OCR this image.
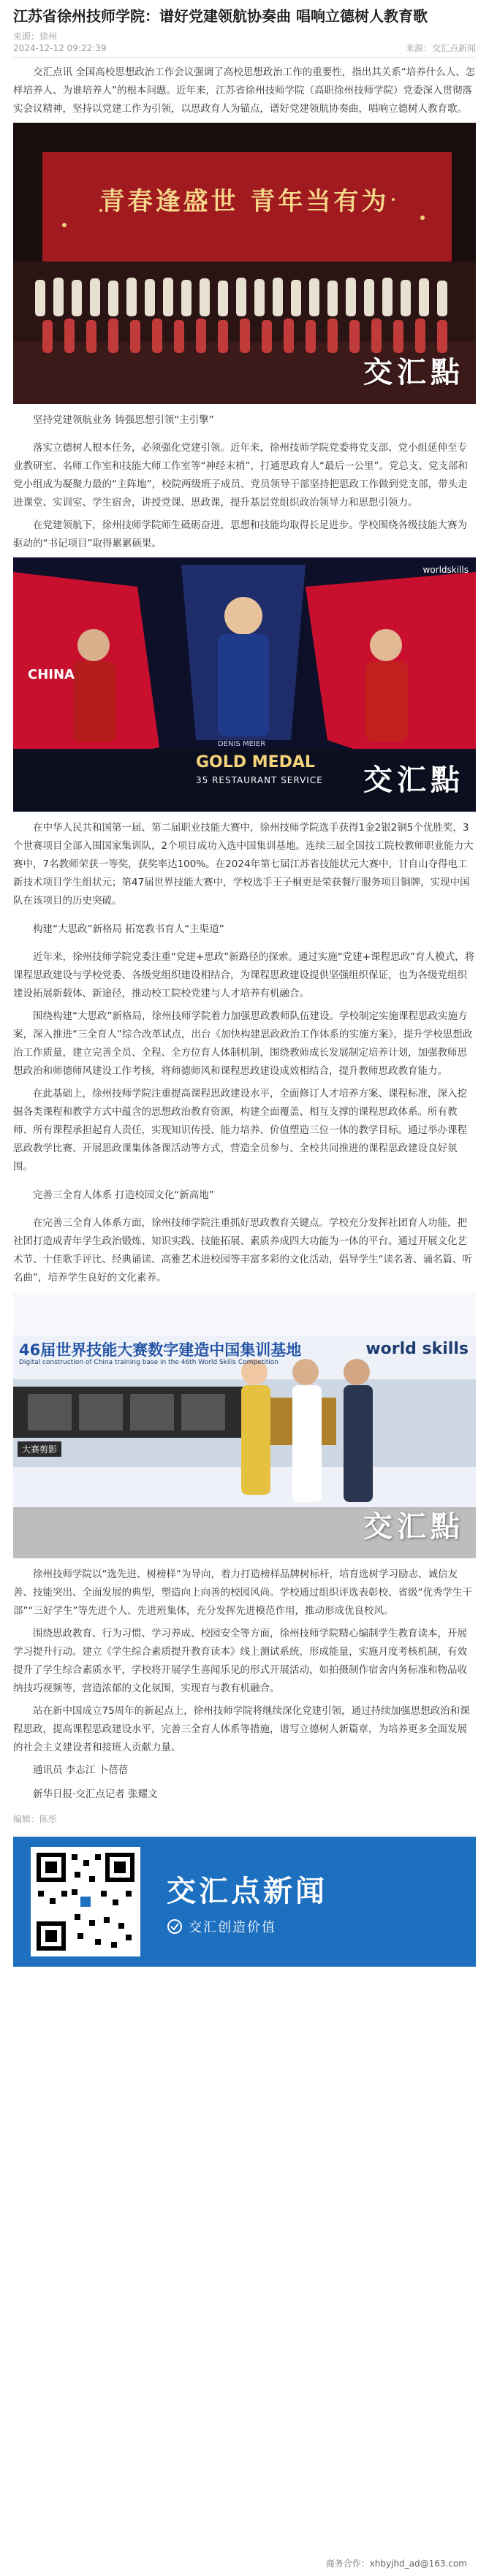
江苏省徐州技师学院：谱好党建领航协奏曲 唱响立德树人教育歌
来源：徐州
2024-12-12 09:22:39	来源：交汇点新闻

交汇点讯 全国高校思想政治工作会议强调了高校思想政治工作的重要性，指出其关系“培养什么人、怎样培养人、为谁培养人”的根本问题。近年来，江苏省徐州技师学院（高职徐州技师学院）党委深入贯彻落实会议精神，坚持以党建工作为引领，以思政育人为锚点，谱好党建领航协奏曲，唱响立德树人教育歌。

青春逢盛世 青年当有为
交汇點

坚持党建领航业务 铸强思想引领“主引擎”

落实立德树人根本任务，必须强化党建引领。近年来，徐州技师学院党委将党支部、党小组延伸至专业教研室、名师工作室和技能大师工作室等“神经末梢”，打通思政育人“最后一公里”。党总支、党支部和党小组成为凝聚力最的“主阵地”，校院两级班子成员、党员领导干部坚持把思政工作做到党支部，带头走进课堂、实训室、学生宿舍，讲授党课、思政课，提升基层党组织政治领导力和思想引领力。

在党建领航下，徐州技师学院师生砥砺奋进，思想和技能均取得长足进步。学校围绕各级技能大赛为驱动的“书记项目”取得累累硕果。

CHINA
DENIS MEIER
worldskills
GOLD MEDAL
35 RESTAURANT SERVICE 交汇點

在中华人民共和国第一届、第二届职业技能大赛中，徐州技师学院选手获得1金2银2铜5个优胜奖，3个世赛项目全部入围国家集训队，2个项目成功入选中国集训基地。连续三届全国技工院校教师职业能力大赛中，7名教师荣获一等奖，获奖率达100%。在2024年第七届江苏省技能状元大赛中，甘自山夺得电工新技术项目学生组状元；第47届世界技能大赛中，学校选手王子桐更是荣获餐厅服务项目铜牌，实现中国队在该项目的历史突破。

构建“大思政”新格局 拓宽教书育人“主渠道”

近年来，徐州技师学院党委注重“党建+思政”新路径的探索。通过实施“党建+课程思政”育人模式，将课程思政建设与学校党委、各级党组织建设相结合，为课程思政建设提供坚强组织保证，也为各级党组织建设拓展新载体、新途径，推动校工院校党建与人才培养有机融合。

围绕构建“大思政”新格局，徐州技师学院着力加强思政教师队伍建设。学校制定实施课程思政实施方案，深入推进“三全育人”综合改革试点，出台《加快构建思政政治工作体系的实施方案》，提升学校思想政治工作质量，建立完善全员、全程、全方位育人体制机制，围绕教师成长发展制定培养计划，加强教师思想政治和师德师风建设工作考核，将师德师风和课程思政建设成效相结合，提升教师思政教育能力。

在此基础上，徐州技师学院注重提高课程思政建设水平，全面修订人才培养方案、课程标准，深入挖掘各类课程和教学方式中蕴含的思想政治教育资源，构建全面覆盖、相互支撑的课程思政体系。所有教师、所有课程承担起育人责任，实现知识传授、能力培养、价值塑造三位一体的教学目标。通过举办课程思政教学比赛、开展思政课集体备课活动等方式，营造全员参与、全校共同推进的课程思政建设良好氛围。

完善三全育人体系 打造校园文化“新高地”

在完善三全育人体系方面，徐州技师学院注重抓好思政教育关键点。学校充分发挥社团育人功能，把社团打造成青年学生政治锻炼、知识实践、技能拓展、素质养成四大功能为一体的平台。通过开展文化艺术节、十佳歌手评比、经典诵读、高雅艺术进校园等丰富多彩的文化活动，倡导学生“读名著、诵名篇、听名曲”，培养学生良好的文化素养。

46届世界技能大赛数字建造中国集训基地
Digital construction of China training base in the 46th World Skills Competition
world skills
大赛剪影
交汇點

徐州技师学院以“选先进、树榜样”为导向，着力打造榜样品牌树标杆，培育选树学习励志、诚信友善、技能突出、全面发展的典型，塑造向上向善的校园风尚。学校通过组织评选表彰校、省级“优秀学生干部”“三好学生”等先进个人、先进班集体，充分发挥先进模范作用，推动形成优良校风。

围绕思政教育、行为习惯、学习养成、校园安全等方面，徐州技师学院精心编制学生教育读本，开展学习提升行动。建立《学生综合素质提升教育读本》线上测试系统，形成能量，实施月度考核机制，有效提升了学生综合素质水平，学校将开展学生喜闻乐见的形式开展活动，如拍摄制作宿舍内务标准和物品收纳技巧视频等，营造浓郁的文化氛围，实现育与教有机融合。

站在新中国成立75周年的新起点上，徐州技师学院将继续深化党建引领，通过持续加强思想政治和课程思政，提高课程思政建设水平，完善三全育人体系等措施，谱写立德树人新篇章，为培养更多全面发展的社会主义建设者和接班人贡献力量。

通讯员 李志江 卜蓓蓓

新华日报·交汇点记者 张耀文

编辑：陈彤
交汇点新闻
交汇创造价值
商务合作：xhbyjhd_ad@163.com
